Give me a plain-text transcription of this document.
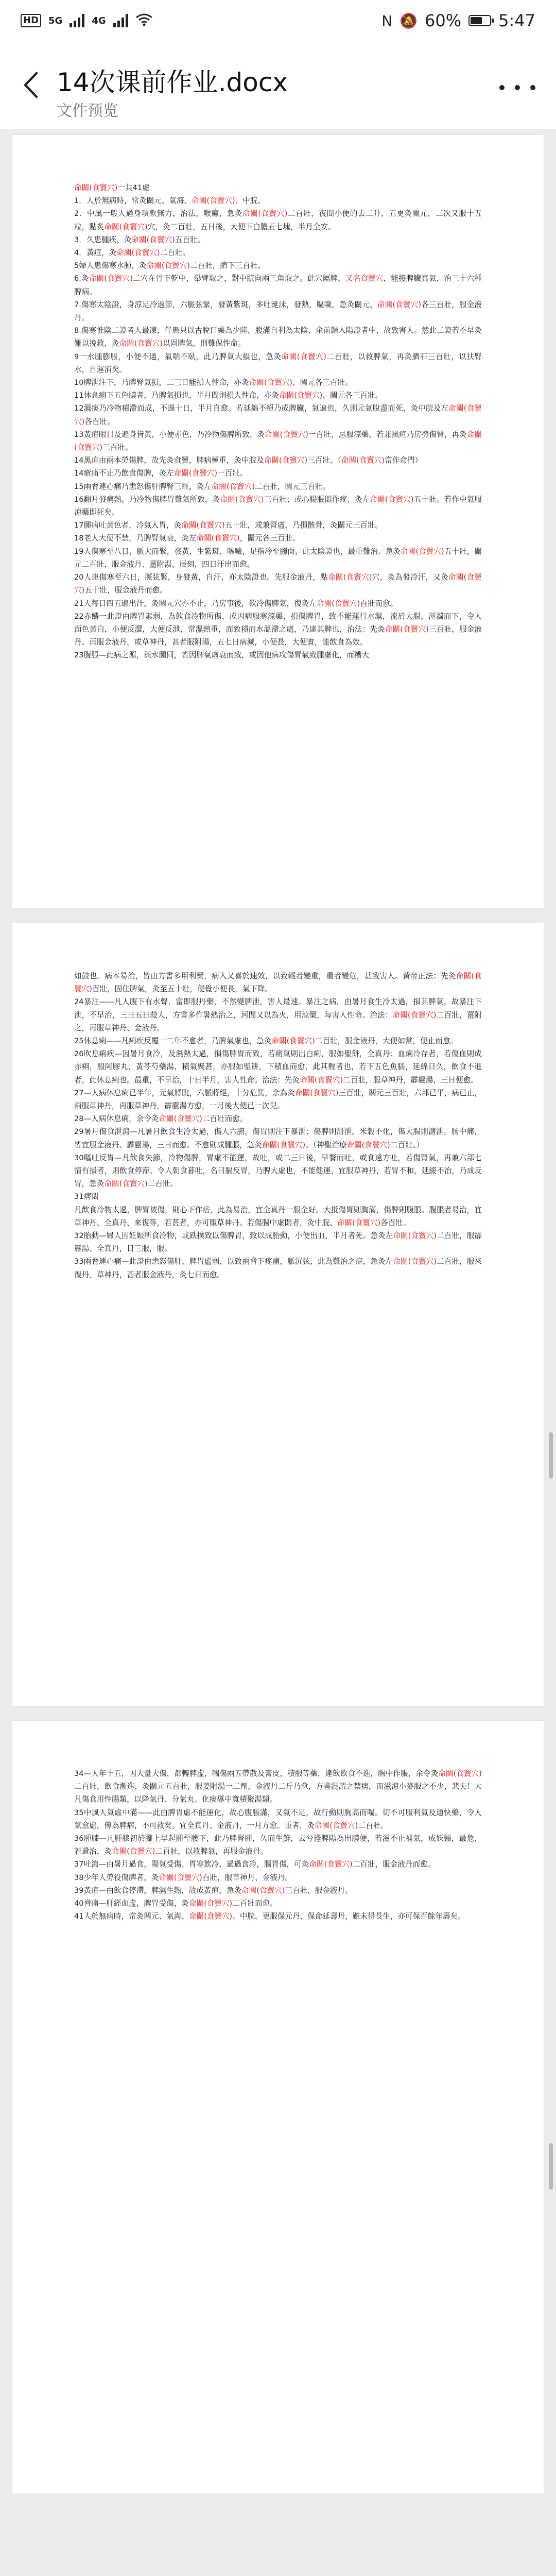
HD 5G	4G	N 🔕 60% 5:47
14次课前作业.docx
文件预览

命關(食竇穴)一共41處

1．人於無病時，常灸關元、氣海、命關(食竇穴)、中脘。

2．中風一般人過身項軟無力，治法，喉癱，急灸命關(食竇穴)二百壯，夜間小便的去二升，五更灸關元，二次又服十五粒，點炙命關(食竇穴)穴，灸二百壯，五日後，大便下白膿五七塊，半月全安。

3．久患腫疾，灸命關(食竇穴)五百壯。

4．黃疸，灸命關(食竇穴)二百壯。

5婦人患傷寒水腫，灸命關(食竇穴)二百壯，臍下三百壯。

6.灸命關(食竇穴)二穴在骨下乾中，舉臂取之，對中脘向兩三角取之。此穴屬脾，又名食竇穴，能接脾臟真氣，治三十六種脾病。

7.傷寒太陰證，身涼足冷過節，六脈弦緊，發黃紫斑，多吐涎沫，發熱，嘔噦，急灸關元、命關(食竇穴)各三百壯，服金液丹。

8.傷寒惟陰二證者人最凍，伴患只以古脫口藥為少陸，腹滿自利為太陰，余前歸入陽證者中，故致害人。然此二證若不早灸難以挽救，灸命關(食竇穴)以固脾氣，則難保性命。

9一水腫膨脹，小便不通，氣喘不臥，此乃脾氣大損也，急灸命關(食竇穴)二百壯，以救脾氣，再灸臍石三百壯，以扶腎水，自運消矣。

10脾泄注下，乃脾腎氣損，二三日能損人性命，亦灸命關(食竇穴)、關元各三百壯。

11休息痢下五色膿者，乃脾氣損也，半月間則損人性命，亦灸命關(食竇穴)、關元各三百壯。

12濕痰乃冷物積滯而成，不過十日，半月自愈。若延綿不絕乃成脾臟，氣遍也，久則元氣脫盡而死，灸中脘及左命關(食竇穴)各百壯。

13黃疸眼目及遍身皆黃，小便赤色，乃冷物傷脾所致，灸命關(食竇穴)一百壯，忌服涼藥，若兼黑疸乃房勞傷腎，再灸命關(食竇穴)三百壯。

14黑疸由兩本勞傷脾，故先灸食竇，脾病極重，灸中脘及命關(食竇穴)三百壯。（命關(食竇穴)當作命門）

14瘡痛不止乃飲食傷脾，灸左命關(食竇穴)一百壯。

15兩脅連心痛乃恚怒傷肝脾腎三經，灸左命關(食竇穴)二百壯，關元三百壯。

16翻月發痛熱，乃冷物傷脾胃難氣所致，灸命關(食竇穴)三百壯；或心腸脹悶作疼，灸左命關(食竇穴)五十壯。若作中氣服涼藥即死矣。

17腫病吐黃色者，冷氣入胃，灸命關(食竇穴)五十壯，或兼腎虛，乃損骸骨，灸關元三百壯。

18老人大便不禁，乃脾腎氣衰，灸左命關(食竇穴)，關元各三百壯。

19人傷寒至八日，脈大而緊，發黃，生紫斑，嘔噦，足指冷至腳面，此太陰證也，最重難治。急灸命關(食竇穴)五十壯，關元二百壯，服金液丹、薑附湯，辰刻，四日汗出而愈。

20人患傷寒至六日，脈弦緊，身發黃，自汗，亦太陰證也。先服金液丹，點命關(食竇穴)穴，灸為發冷汗，又灸命關(食竇穴)五十壯，服金液丹而愈。

21人每日四五遍出汗，灸關元穴亦不止，乃房事後，飲冷傷脾氣，復灸左命關(食竇穴)百壯而愈。

22赤鱗一此證由脾胃素弱，為飲食冷物所傷，或因病服寒涼藥，損傷脾胃，致不能運行水濕，流於大腸，渾濁而下，令人面色黃白，小便反澀，大便反泄，常濕熱重，而致積而水溫滯之處，乃達其脾也，治法：先灸命關(食竇穴)三百壯，服金液丹。再服金液丹，或草神丹，甚者服附湯，五七日病減，小便長，大便實，能飲食為效。

23腹脹—此病之源，與水腫同，皆因脾氣虛衰而致，或因他病攻傷胃氣致腫虛化，而糟大

如鼓也。病本易治，皆由方書多用利藥，病入又喜於速效，以致輕者變重，重者變危，甚致害人。黃帝正法：先灸命關(食竇穴)百壯，固住脾氣，灸至五十壯，便覺小便長，氣下降。

24暴注——凡人腹下有水聲，當即服丹藥，不然變脾泄，害人最速。暴注之病，由暑月食生冷太過，損其脾氣，故暴注下泄，不早治，三日五日殺人，方書多作暑熱治之，河間又以為火，用涼藥，每害人性命。治法：命關(食竇穴)二百壯，薑附之，再服草神丹、金液丹。

25休息痢——凡痢疾反覆一二年不愈者，乃脾氣虛也，急灸命關(食竇穴)二百壯，服金液丹，大便如常，便止而愈。

26吹息痢疾—因暑月食冷，及濕熱太過，損傷脾胃而致，若痛氣則出白痢，服如聖餅，全真丹；血痢冷存者，若傷血則成赤痢，服阿膠丸，黃芩芍藥湯，積氣聚甚，亦服如聖餅。下積血而愈，此其輕者也，若下五色魚腦，延綿日久，飲食不進者，此休息痢也。最重，不早治，十日半月，害人性命。治法：先灸命關(食竇穴)二百壯，服草神丹，霹靂湯，三日便愈。

27—人病休息痢已半年，元氣將脫，六脈將絕，十分危篤，余為灸命關(食竇穴)三百壯，關元三百壯，六部已平，病已止，兩服草神丹，再服草神丹，霹靂湯方愈，一月後大便已一次兒。

28—人病休息痢，余令灸命關(食竇穴)二百壯而愈。

29暑月傷食泄瀉—凡暑月飲食生冷太過，傷人六腑，傷胃則注下暴泄；傷脾則滑泄，米穀不化，傷大腸則溏泄。肠中痛，皆宜服金液丹、霹靂湯，三日而愈。不愈則成腫脹，急灸命關(食竇穴)。（神聖治療命關(食竇穴)二百壯。）

30嘔吐反胃—凡飲食失節，冷物傷脾，胃虛不能運，故吐，或二三日後，早餐而吐，或食遠方吐，若傷腎氣，再兼六部七情有損者，則飲食停滯。令人朝食暮吐，名曰膈反胃，乃脾大虛也，不能健運，宜服草神丹，若胃不和，延緩不治，乃成反胃，急灸命關(食竇穴)二百壯。

31痞悶

凡飲食冷物太過，脾胃被傷，則心下作痞，此為易治，宜全真丹一服全好。大抵傷胃則胸滿，傷脾則腹脹。腹脹者易治，宜草神丹、全真丹、來復等，若甚者，亦可服草神丹。若傷腸中虛悶者，灸中脘、命關(食竇穴)各百壯。

32胎動—婦人因妊娠所食冷物，或跌撲致以傷脾胃，致以成胎動，小便出血，半月者死。急灸左命關(食竇穴)二百壯，服霹靂湯、全真丹，日三服，服。

33兩脅連心痛—此證由恚怒傷肝，脾胃虛弱，以致兩脅下疼痛，脈沉弦，此為難治之症，急灸左命關(食竇穴)二百壯，服來復丹、草神丹，甚者服金液丹，灸七日而愈。

34—人年十五，因大量大傷，都轉脾虛，喘傷兩五帶散及膏皮，積服等藥，達飲飲食不進，胸中作脹，余令灸命關(食竇穴)二百壯，飲食漸進，灸關元五百壯，服姜附湯一二劑，金液丹二斤乃愈，方書混謂之禁痞，而滋涼小麥服之不少，悲夫！大凡傷食用性腸類，以降氣丹、分氣丸、化痰導中寬積聚湯類。

35中風人氣虛中滿——此由脾胃虛不能運化，故心腹脹滿，又氣不足，故行動則胸高而喘。切不可服利氣及通快藥，令人氣愈虛，傳為脾病，不可救矣。宜全真丹、金液丹，一月方愈。重者，灸命關(食竇穴)二百壯。

36腫膝—凡腫膝初於腳上早起腫至腰下，此乃脾腎腫，久而生鮮，去兮逢脾陽為出膿便，若滋不止補氣，成妖頸，最危，若遺治，灸命關(食竇穴)二百壯，以救脾氣，再服金液丹。

37吐瀉—由暑月過食，陽氣受傷、胃寒飲冷，過過食冷，腸胃傷，可灸命關(食竇穴)二百壯，服金液丹而愈。

38少年人勞役傷脾者，灸命關(食竇穴)百壯，服草神丹、金液丹。

39黃疸—由飲食停滯，脾濕生熱，故成黃疸，急灸命關(食竇穴)三百壯，服金液丹。

40脅痛—肝經血虛，脾胃受傷，灸命關(食竇穴)二百壯而愈。

41人於無病時，常灸關元、氣海、命關(食竇穴)、中脘，更服保元丹、保命延壽丹，雖未得長生，亦可保百餘年壽矣。
